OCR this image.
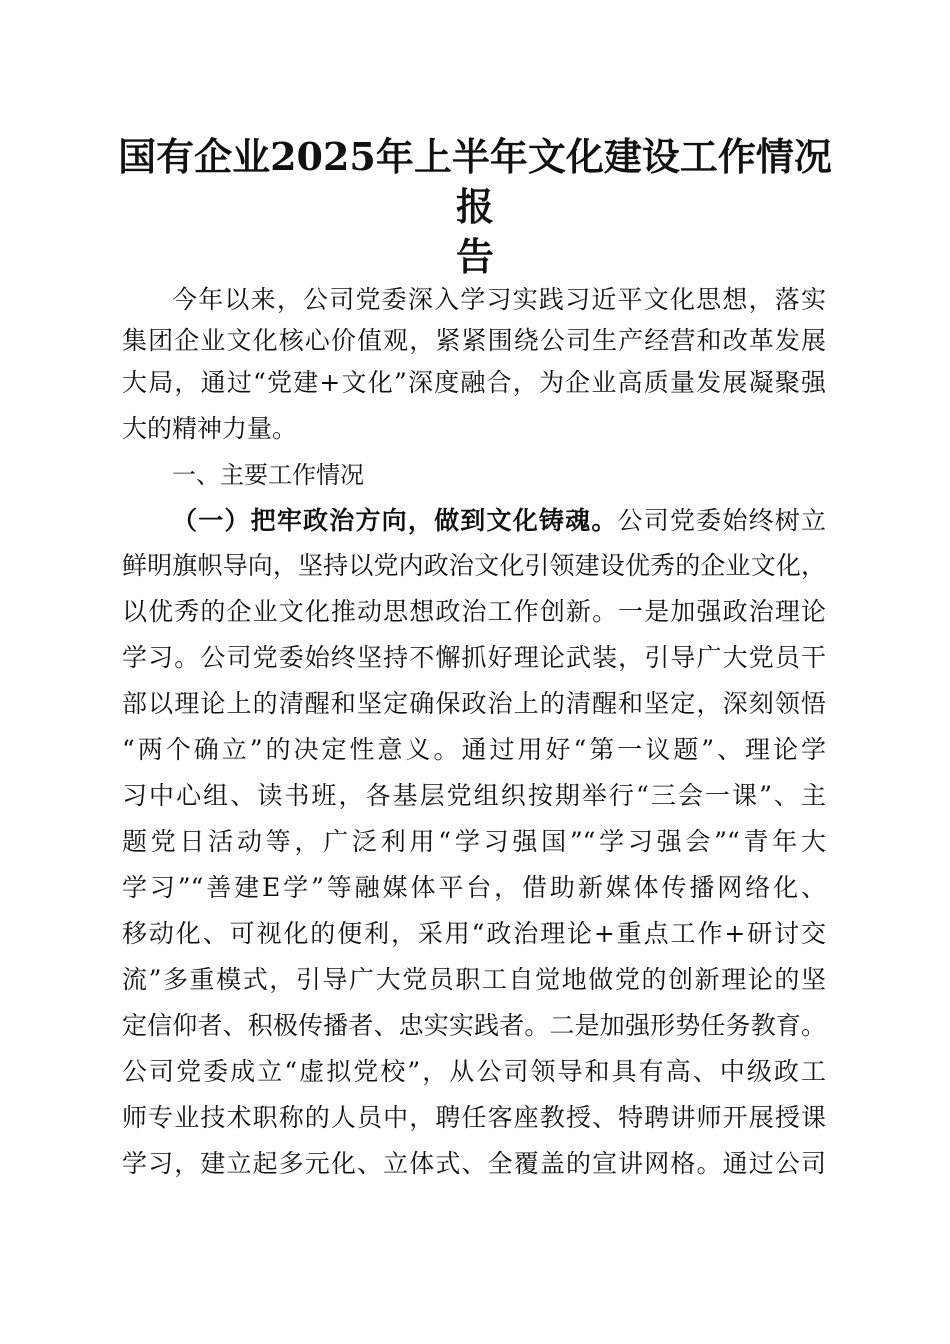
国有企业2025年上半年文化建设工作情况报
告
今年以来，公司党委深入学习实践习近平文化思想，落实
集团企业文化核心价值观，紧紧围绕公司生产经营和改革发展
大局，通过“党建+文化”深度融合，为企业高质量发展凝聚强
大的精神力量。
一、主要工作情况
（一）把牢政治方向，做到文化铸魂。公司党委始终树立
鲜明旗帜导向，坚持以党内政治文化引领建设优秀的企业文化，
以优秀的企业文化推动思想政治工作创新。一是加强政治理论
学习。公司党委始终坚持不懈抓好理论武装，引导广大党员干
部以理论上的清醒和坚定确保政治上的清醒和坚定，深刻领悟
“两个确立”的决定性意义。通过用好“第一议题”、理论学
习中心组、读书班，各基层党组织按期举行“三会一课”、主
题党日活动等，广泛利用“学习强国”“学习强会”“青年大
学习”“善建E学”等融媒体平台，借助新媒体传播网络化、
移动化、可视化的便利，采用“政治理论+重点工作+研讨交
流”多重模式，引导广大党员职工自觉地做党的创新理论的坚
定信仰者、积极传播者、忠实实践者。二是加强形势任务教育。
公司党委成立“虚拟党校”，从公司领导和具有高、中级政工
师专业技术职称的人员中，聘任客座教授、特聘讲师开展授课
学习，建立起多元化、立体式、全覆盖的宣讲网格。通过公司
